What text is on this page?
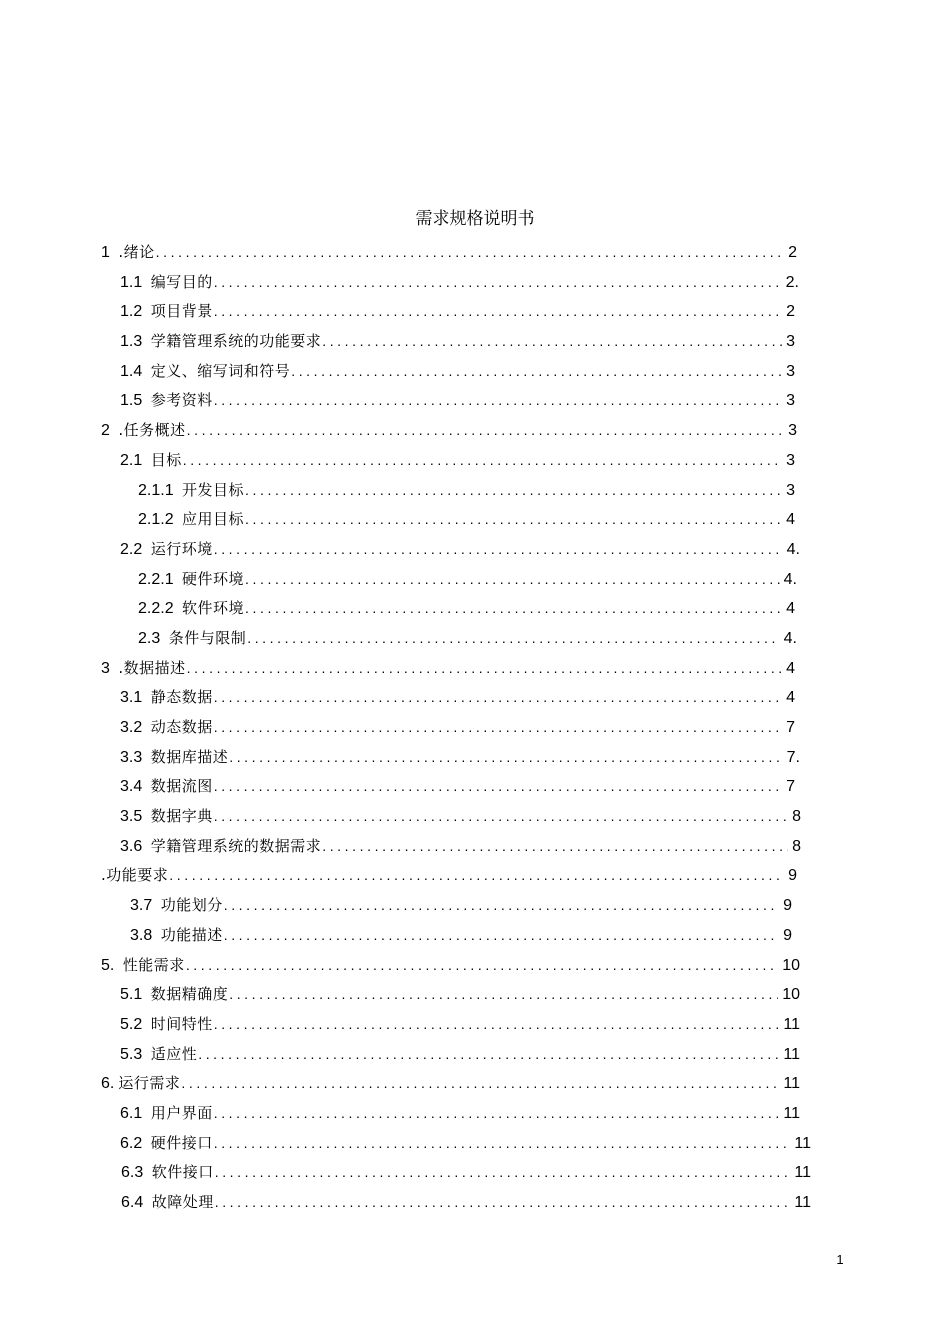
需求规格说明书
1 .绪论 .....	2
1.1 编写目的 .....	2.
1.2 项目背景 .....	2
1.3 学籍管理系统的功能要求 .....	3
1.4 定义、缩写词和符号 .....	3
1.5 参考资料 .....	3
2 .任务概述 .....	3
2.1 目标 .....	3
2.1.1 开发目标 .....	3
2.1.2 应用目标 .....	4
2.2 运行环境 .....	4.
2.2.1 硬件环境 .....	4.
2.2.2 软件环境 .....	4
2.3 条件与限制 .....	4.
3 .数据描述 .....	4
3.1 静态数据 .....	4
3.2 动态数据 .....	7
3.3 数据库描述 .....	7.
3.4 数据流图 .....	7
3.5 数据字典 .....	8
3.6 学籍管理系统的数据需求 .....	8
.功能要求 .....	9
3.7 功能划分 .....	9
3.8 功能描述 .....	9
5. 性能需求 .....	10
5.1 数据精确度 .....	10
5.2 时间特性 .....	11
5.3 适应性 .....	11
6. 运行需求 .....	11
6.1 用户界面 .....	11
6.2 硬件接口 .....	11
6.3 软件接口 .....	11
6.4 故障处理 .....	11
1
